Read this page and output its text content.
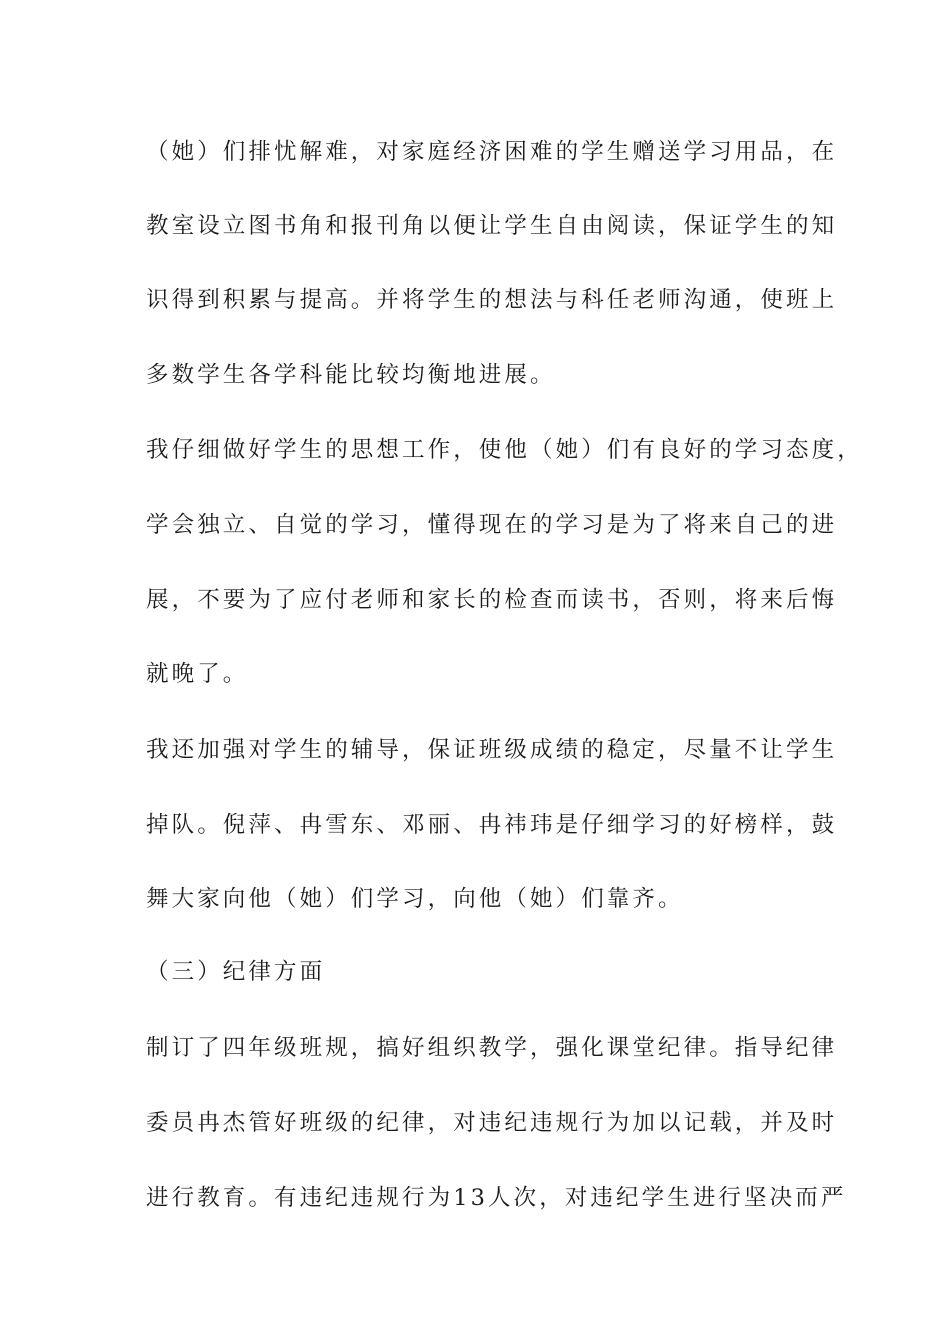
（她）们排忧解难，对家庭经济困难的学生赠送学习用品，在
教室设立图书角和报刊角以便让学生自由阅读，保证学生的知
识得到积累与提高。并将学生的想法与科任老师沟通，使班上
多数学生各学科能比较均衡地进展。
我仔细做好学生的思想工作，使他（她）们有良好的学习态度，
学会独立、自觉的学习，懂得现在的学习是为了将来自己的进
展，不要为了应付老师和家长的检查而读书，否则，将来后悔
就晚了。
我还加强对学生的辅导，保证班级成绩的稳定，尽量不让学生
掉队。倪萍、冉雪东、邓丽、冉祎玮是仔细学习的好榜样，鼓
舞大家向他（她）们学习，向他（她）们靠齐。
（三）纪律方面
制订了四年级班规，搞好组织教学，强化课堂纪律。指导纪律
委员冉杰管好班级的纪律，对违纪违规行为加以记载，并及时
进行教育。有违纪违规行为13人次，对违纪学生进行坚决而严
